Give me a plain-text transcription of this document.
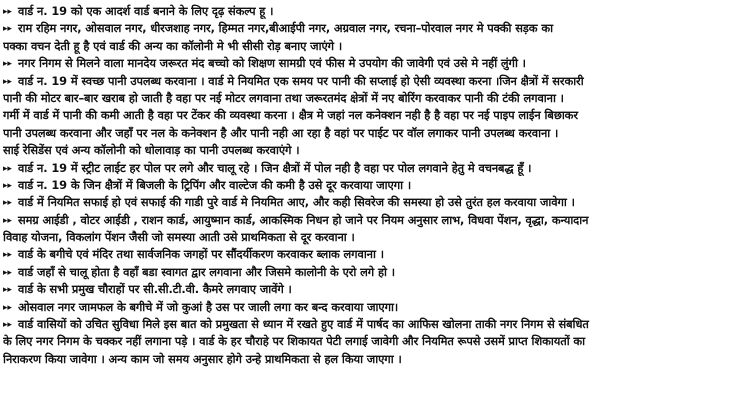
▸▸ वार्ड न. 19 को एक आदर्श वार्ड बनाने के लिए दृढ़ संकल्प हू ।
▸▸ राम रहिम नगर, ओसवाल नगर, धीरजशाह नगर, हिम्मत नगर,बीआईपी नगर, अग्रवाल नगर, रचना–पोरवाल नगर मे पक्की सड़क का
पक्का वचन देती हू है एवं वार्ड की अन्य का कॉलोनी मे भी सीसी रोड़ बनाए जाएंगे ।
▸▸ नगर निगम से मिलने वाला मानदेय जरूरत मंद बच्चो को शिक्षण सामग्री एवं फीस मे उपयोग की जावेगी एवं उसे मे नहीं लुंगी ।
▸▸ वार्ड न. 19 में स्वच्छ पानी उपलब्ध करवाना । वार्ड मे नियमित एक समय पर पानी की सप्लाई हो ऐसी व्यवस्था करना ।जिन क्षैत्रों में सरकारी
पानी की मोटर बार–बार खराब हो जाती है वहा पर नई मोटर लगवाना तथा जरूरतमंद क्षेत्रों में नए बोरिंग करवाकर पानी की टंकी लगवाना ।
गर्मी में वार्ड में पानी की कमी आती है वहा पर टेंकर की व्यवस्था करना । क्षैत्र मे जहां नल कनेक्शन नही है है वहा पर नई पाइप लाईन बिछाकर
पानी उपलब्ध करवाना और जहाँ पर नल के कनेक्शन है और पानी नही आ रहा है वहां पर पाईट पर वॉल लगाकर पानी उपलब्ध करवाना ।
साई रेसिडेंस एवं अन्य कॉलोनी को धोलावाड़ का पानी उपलब्ध करवाएंगे ।
▸▸ वार्ड न. 19 में स्ट्रीट लाईट हर पोल पर लगे और चालू रहे । जिन क्षैत्रों में पोल नही है वहा पर पोल लगवाने हेतु मे वचनबद्ध हूँ ।
▸▸ वार्ड न. 19 के जिन क्षैत्रों में बिजली के ट्रिपिंग और वाल्टेज की कमी है उसे दूर करवाया जाएगा ।
▸▸ वार्ड में नियमित सफाई हो एवं सफाई की गाडी पुरे वार्ड मे नियमित आए, और कही सिवरेज की समस्या हो उसे तुरंत हल करवाया जावेगा ।
▸▸ समग्र आईडी , वोटर आईडी , राशन कार्ड, आयुष्मान कार्ड, आकस्मिक निधन हो जाने पर नियम अनुसार लाभ, विधवा पेंशन, वृद्धा, कन्यादान
विवाह योजना, विकलांग पेंशन जैसी जो समस्या आती उसे प्राथमिकता से दूर करवाना ।
▸▸ वार्ड के बगीचे एवं मंदिर तथा सार्वजनिक जगहों पर सौंदर्यीकरण करवाकर ब्लाक लगवाना ।
▸▸ वार्ड जहाँ से चालू होता है वहाँ बडा स्वागत द्वार लगवाना और जिसमे कालोनी के एरो लगे हो ।
▸▸ वार्ड के सभी प्रमुख चौराहों पर सी.सी.टी.वी. कैमरे लगवाए जावेंगे ।
▸▸ ओसवाल नगर जामफल के बगीचे में जो कुआं है उस पर जाली लगा कर बन्द करवाया जाएगा।
▸▸ वार्ड वासियों को उचित सुविधा मिले इस बात को प्रमुखता से ध्यान में रखते हुए वार्ड में पार्षद का आफिस खोलना ताकी नगर निगम से संबधित
के लिए नगर निगम के चक्कर नहीं लगाना पड़े । वार्ड के हर चौराहे पर शिकायत पेटी लगाई जावेगी और नियमित रूपसे उसमें प्राप्त शिकायतों का
निराकरण किया जावेगा । अन्य काम जो समय अनुसार होगे उन्हे प्राथमिकता से हल किया जाएगा ।
